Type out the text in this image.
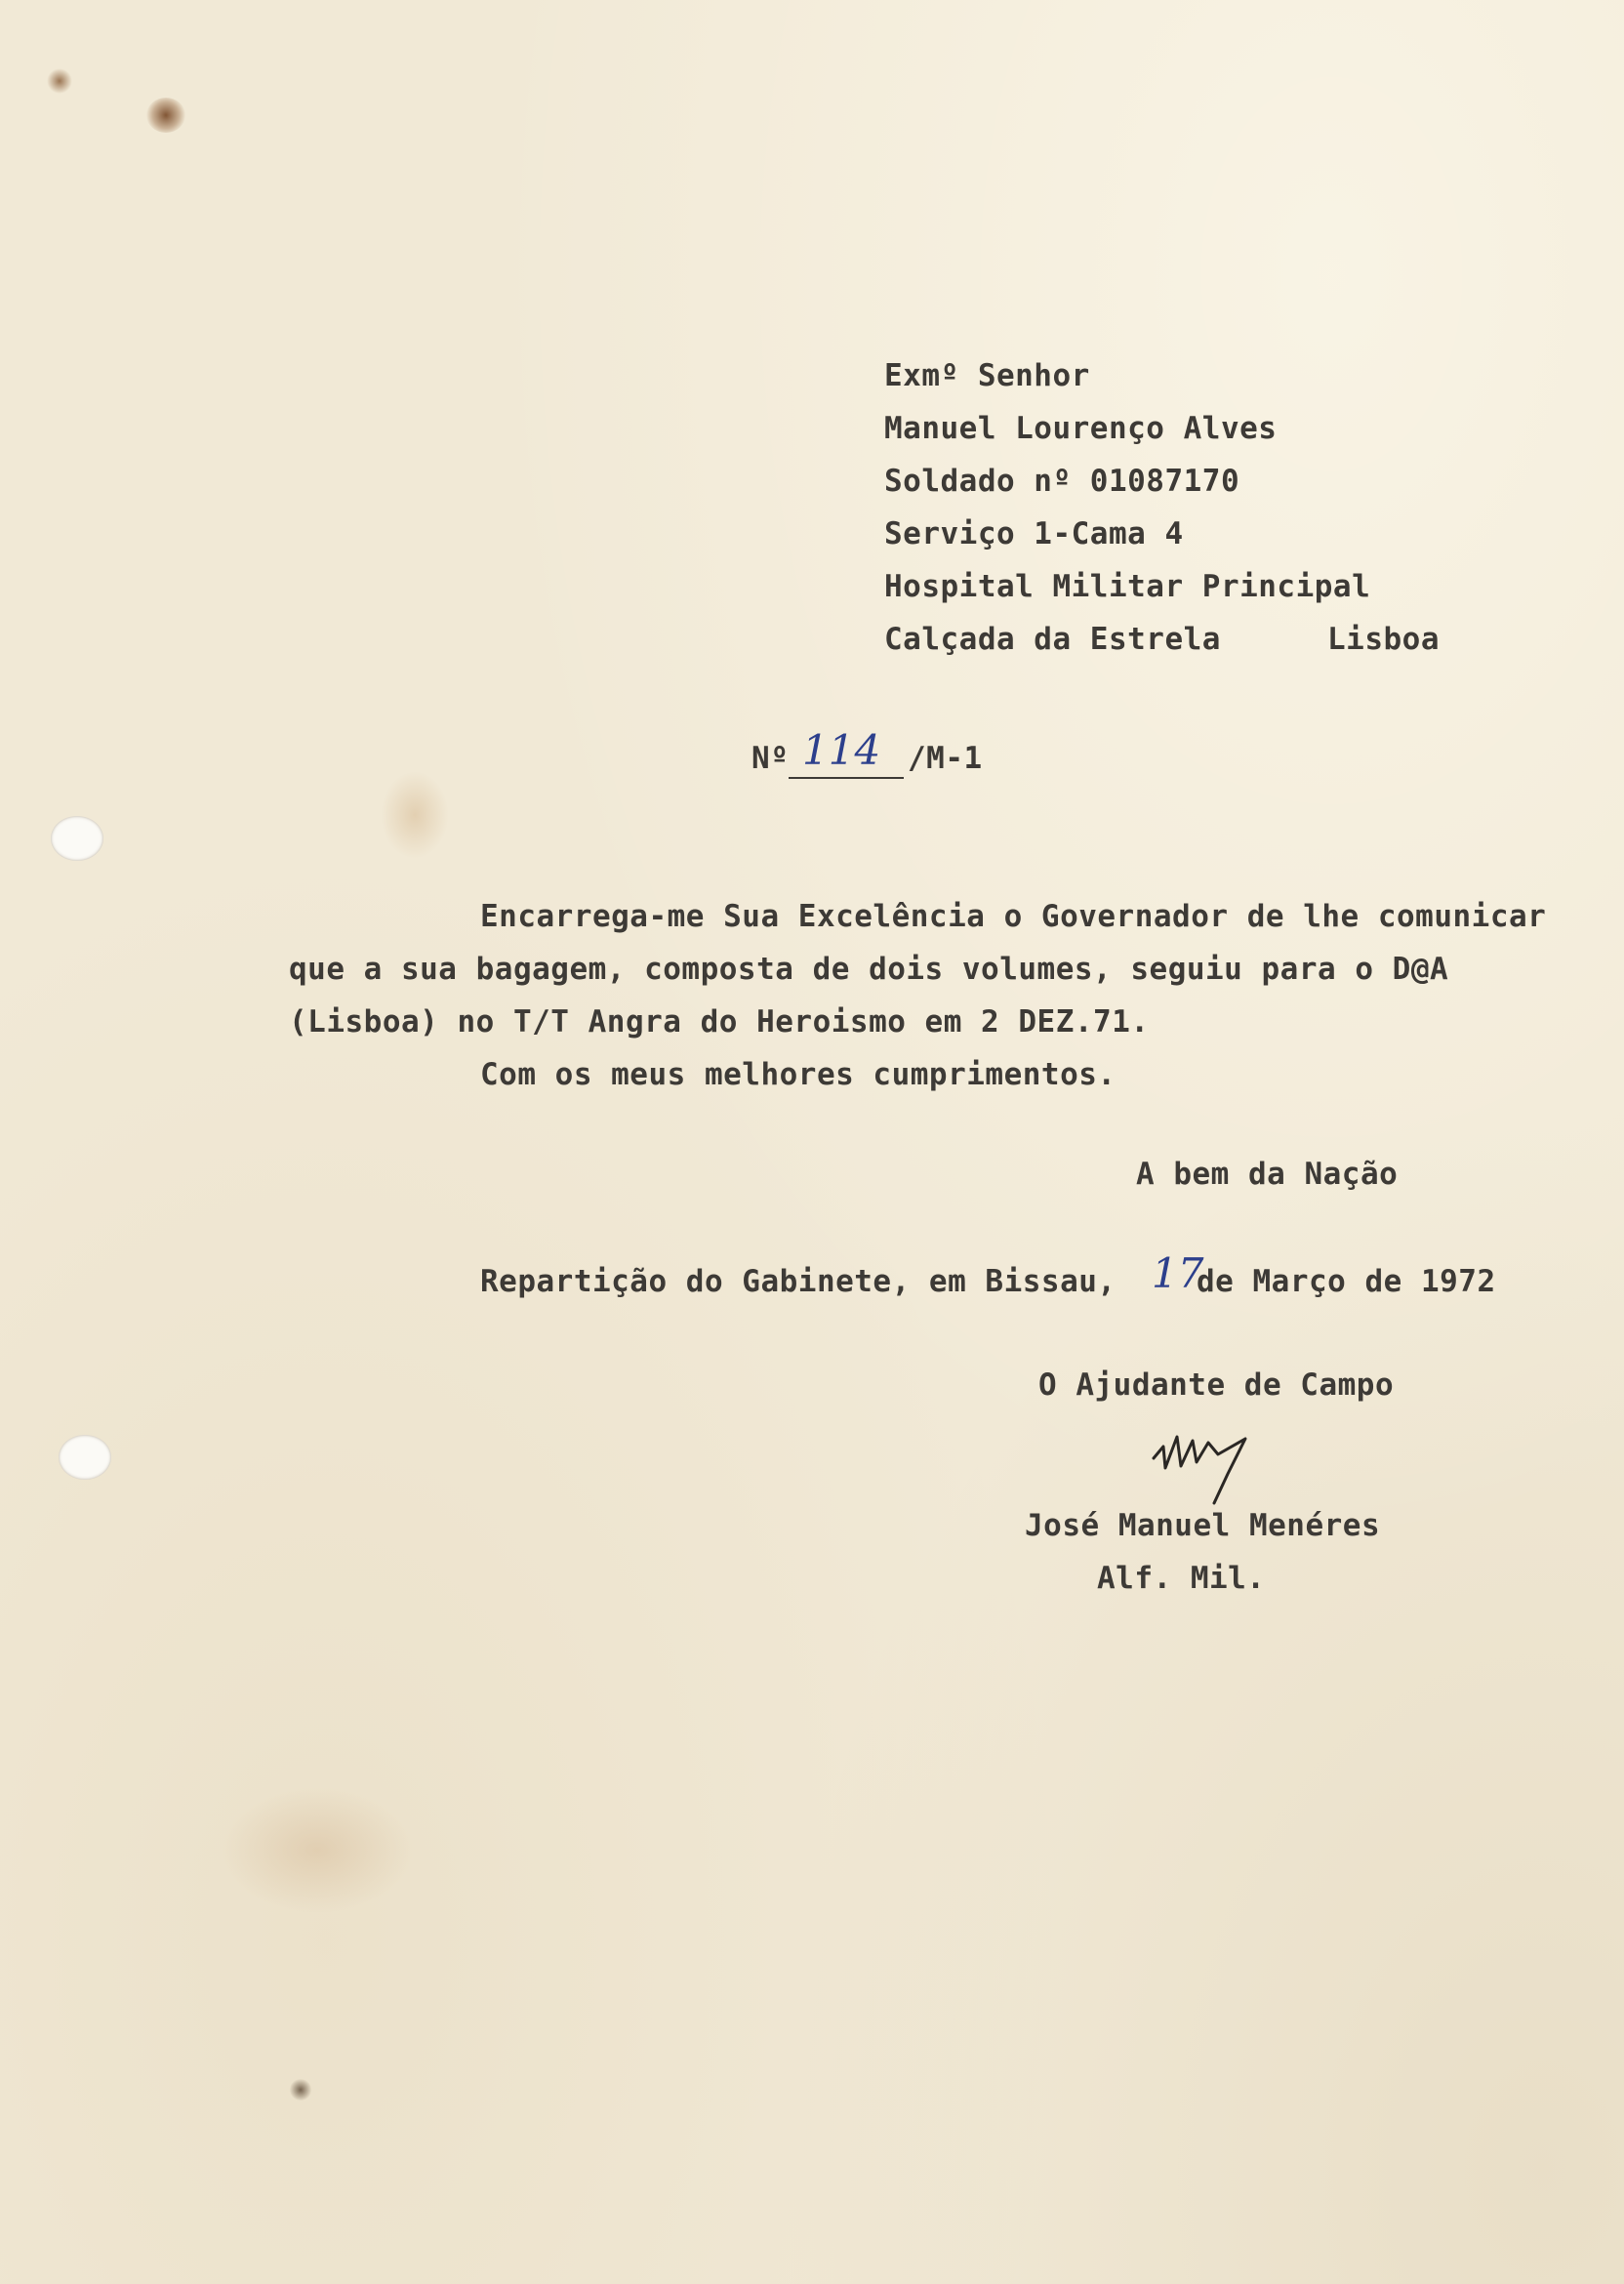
Exmº Senhor
Manuel Lourenço Alves
Soldado nº 01087170
Serviço 1-Cama 4
Hospital Militar Principal
Calçada da Estrela	Lisboa
Nº 114 /M-1
Encarrega-me Sua Excelência o Governador de lhe comunicar
que a sua bagagem, composta de dois volumes, seguiu para o D@A
(Lisboa) no T/T Angra do Heroismo em 2 DEZ.71.
Com os meus melhores cumprimentos.
A bem da Nação
Repartição do Gabinete, em Bissau, 17
de Março de 1972
O Ajudante de Campo
José Manuel Menéres
Alf. Mil.
